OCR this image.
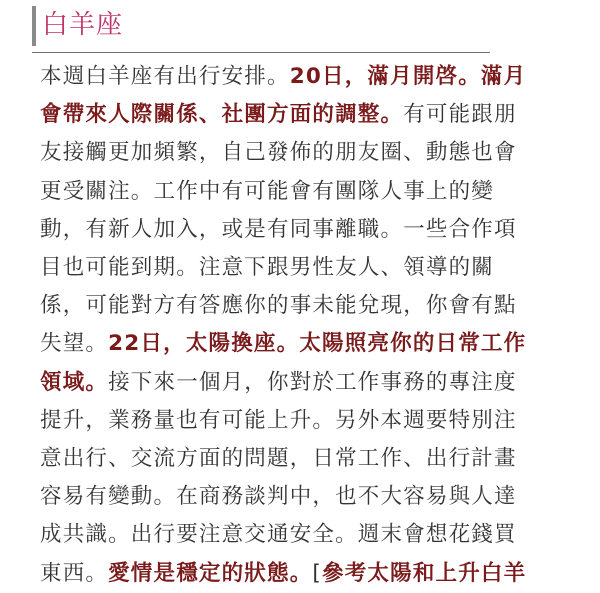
白羊座
本週白羊座有出行安排。20日，滿月開啓。滿月
會帶來人際關係、社團方面的調整。有可能跟朋
友接觸更加頻繁，自己發佈的朋友圈、動態也會
更受關注。工作中有可能會有團隊人事上的變
動，有新人加入，或是有同事離職。一些合作項
目也可能到期。注意下跟男性友人、領導的關
係，可能對方有答應你的事未能兌現，你會有點
失望。22日，太陽換座。太陽照亮你的日常工作
領域。接下來一個月，你對於工作事務的專注度
提升，業務量也有可能上升。另外本週要特別注
意出行、交流方面的問題，日常工作、出行計畫
容易有變動。在商務談判中，也不大容易與人達
成共識。出行要注意交通安全。週末會想花錢買
東西。愛情是穩定的狀態。[參考太陽和上升白羊
